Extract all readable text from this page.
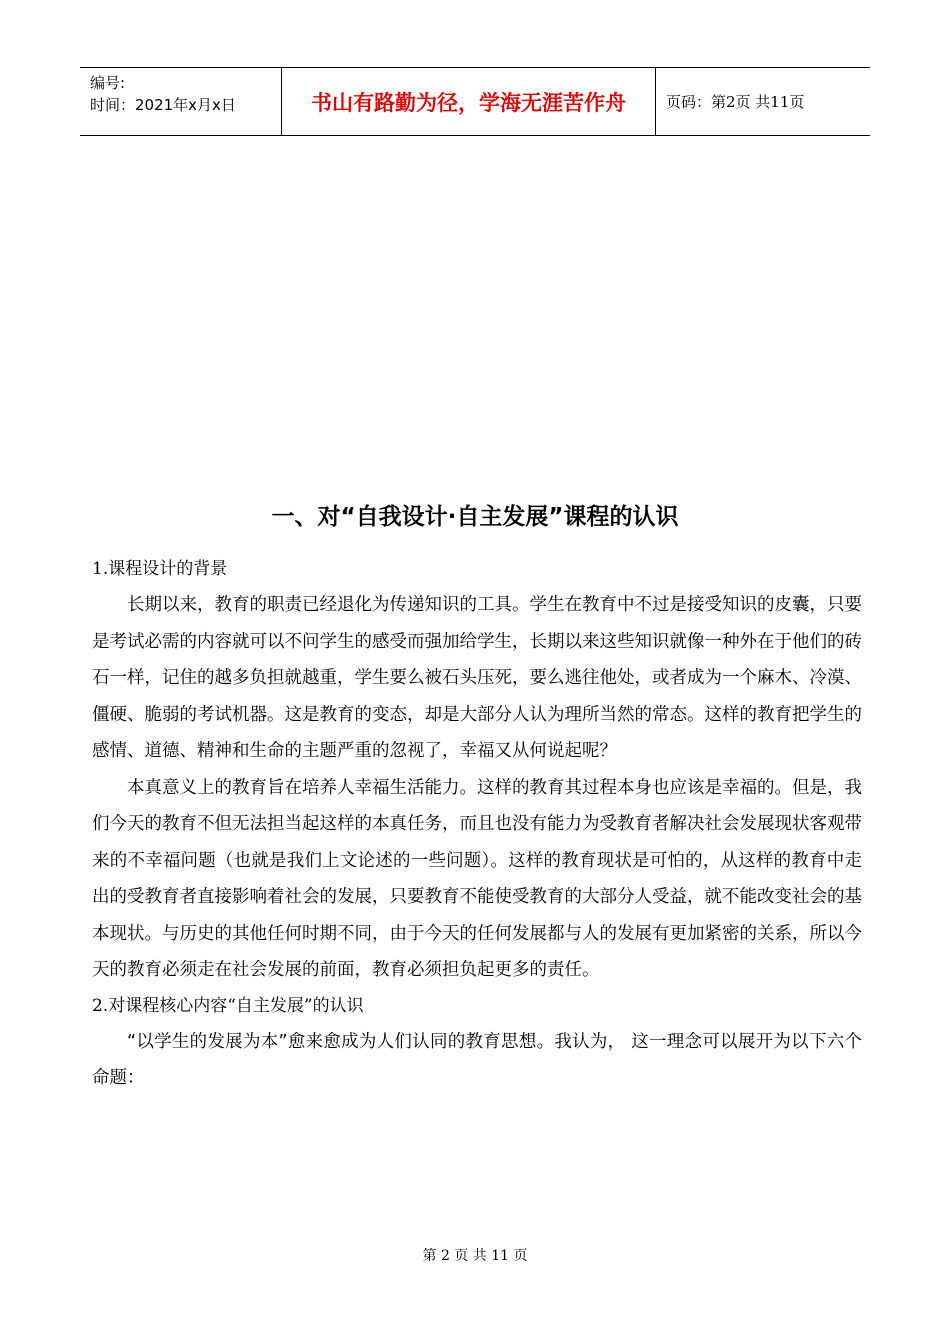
编号:
时间：2021年x月x日	书山有路勤为径，学海无涯苦作舟	页码：第2页 共11页
一、对“自我设计·自主发展”课程的认识

1.课程设计的背景

长期以来，教育的职责已经退化为传递知识的工具。学生在教育中不过是接受知识的皮囊，只要是考试必需的内容就可以不问学生的感受而强加给学生，长期以来这些知识就像一种外在于他们的砖石一样，记住的越多负担就越重，学生要么被石头压死，要么逃往他处，或者成为一个麻木、冷漠、僵硬、脆弱的考试机器。这是教育的变态，却是大部分人认为理所当然的常态。这样的教育把学生的感情、道德、精神和生命的主题严重的忽视了，幸福又从何说起呢？

本真意义上的教育旨在培养人幸福生活能力。这样的教育其过程本身也应该是幸福的。但是，我们今天的教育不但无法担当起这样的本真任务，而且也没有能力为受教育者解决社会发展现状客观带来的不幸福问题（也就是我们上文论述的一些问题）。这样的教育现状是可怕的，从这样的教育中走出的受教育者直接影响着社会的发展，只要教育不能使受教育的大部分人受益，就不能改变社会的基本现状。与历史的其他任何时期不同，由于今天的任何发展都与人的发展有更加紧密的关系，所以今天的教育必须走在社会发展的前面，教育必须担负起更多的责任。

2.对课程核心内容“自主发展”的认识

“以学生的发展为本”愈来愈成为人们认同的教育思想。我认为， 这一理念可以展开为以下六个命题：

第 2 页 共 11 页
